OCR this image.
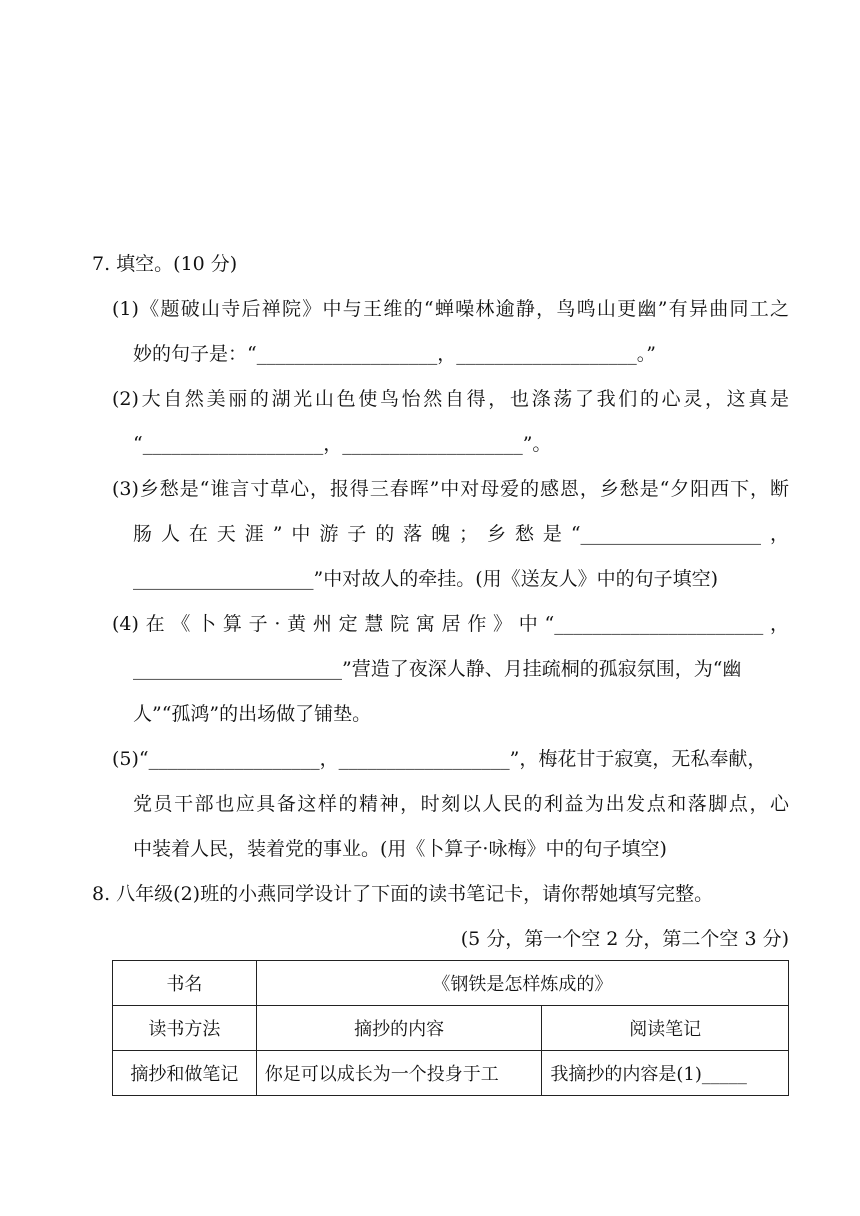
7. 填空。(10 分)
(1)《题破山寺后禅院》中与王维的“蝉噪林逾静，鸟鸣山更幽”有异曲同工之
妙的句子是：“___________________，___________________。”
(2)大自然美丽的湖光山色使鸟怡然自得，也涤荡了我们的心灵，这真是
“___________________，___________________”。
(3)乡愁是“谁言寸草心，报得三春晖”中对母爱的感恩，乡愁是“夕阳西下，断
肠人在天涯”中游子的落魄；乡愁是“___________________，
___________________”中对故人的牵挂。(用《送友人》中的句子填空)
(4)在《卜算子·黄州定慧院寓居作》中“______________________，
______________________”营造了夜深人静、月挂疏桐的孤寂氛围，为“幽
人”“孤鸿”的出场做了铺垫。
(5)“__________________，__________________”，梅花甘于寂寞，无私奉献，
党员干部也应具备这样的精神，时刻以人民的利益为出发点和落脚点，心
中装着人民，装着党的事业。(用《卜算子·咏梅》中的句子填空)
8. 八年级(2)班的小燕同学设计了下面的读书笔记卡，请你帮她填写完整。
(5 分，第一个空 2 分，第二个空 3 分)
书名	《钢铁是怎样炼成的》	
读书方法	摘抄的内容	阅读笔记
摘抄和做笔记	你足可以成长为一个投身于工	我摘抄的内容是(1)_____
